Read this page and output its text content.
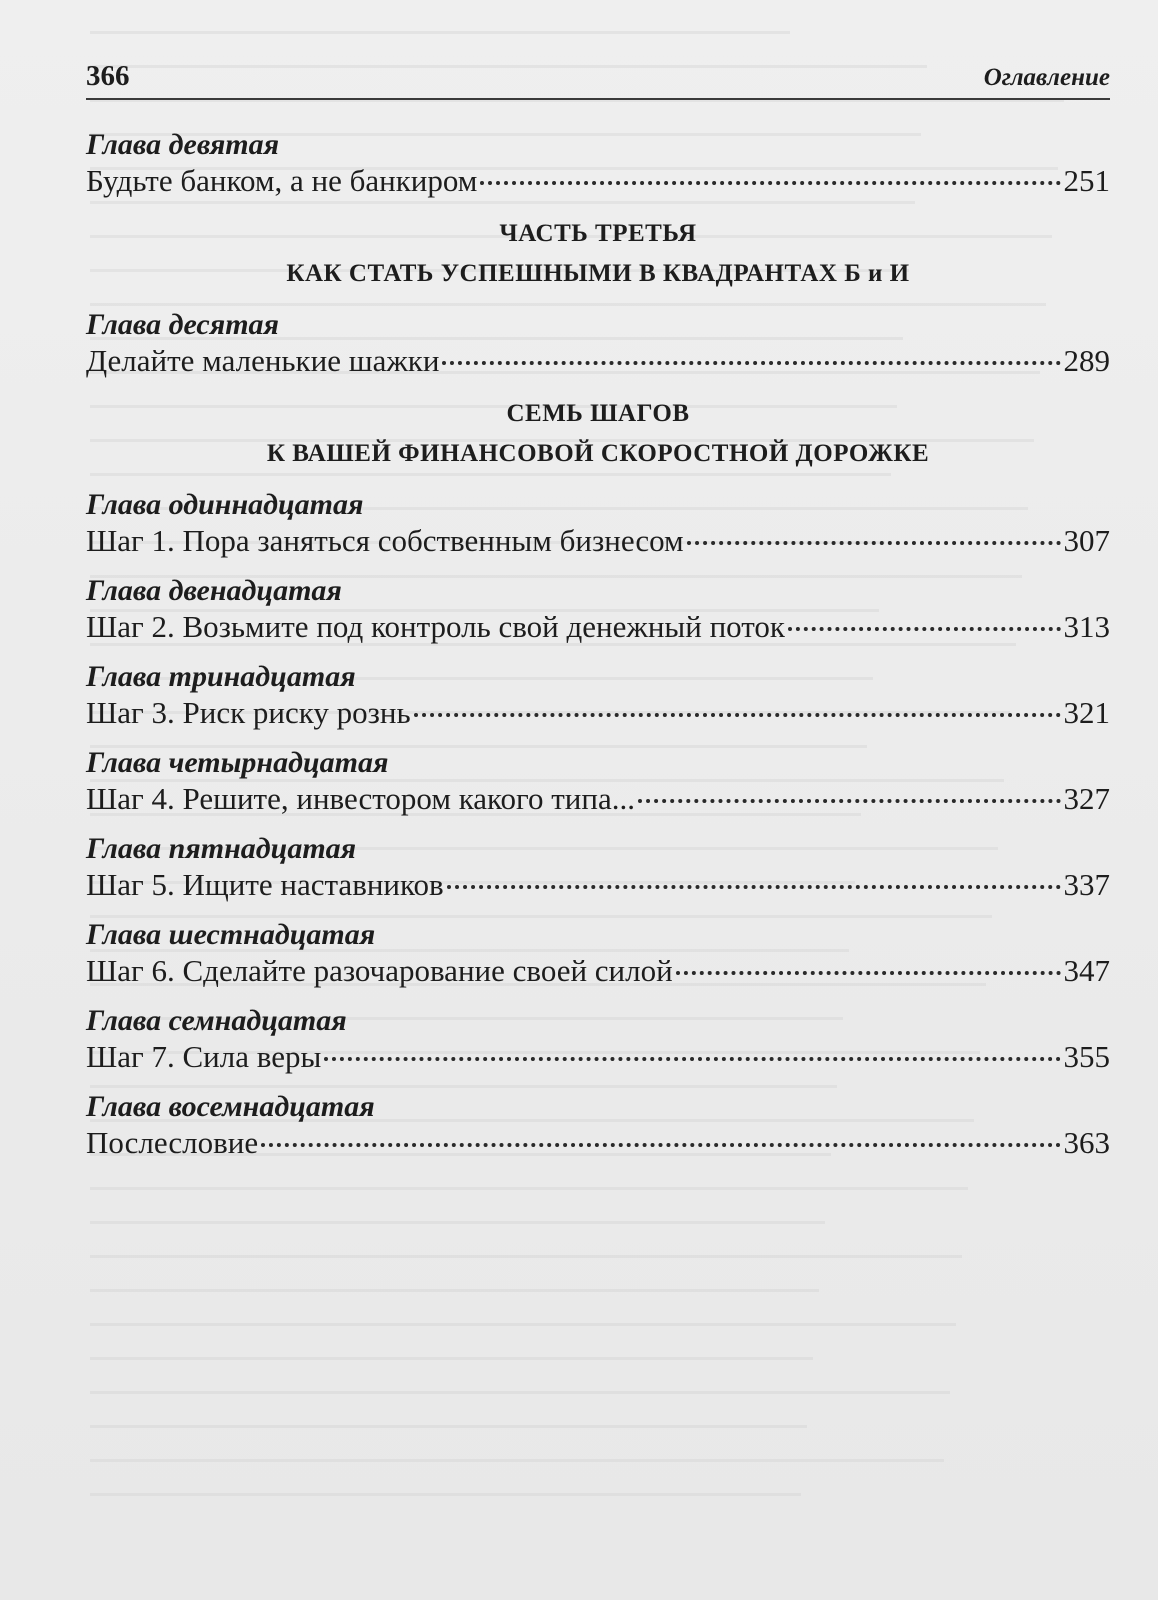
366	Оглавление
Глава девятая
Будьте банком, а не банкиром	251
ЧАСТЬ ТРЕТЬЯ
КАК СТАТЬ УСПЕШНЫМИ В КВАДРАНТАХ Б и И
Глава десятая
Делайте маленькие шажки	289
СЕМЬ ШАГОВ
К ВАШЕЙ ФИНАНСОВОЙ СКОРОСТНОЙ ДОРОЖКЕ
Глава одиннадцатая
Шаг 1. Пора заняться собственным бизнесом	307
Глава двенадцатая
Шаг 2. Возьмите под контроль свой денежный поток	313
Глава тринадцатая
Шаг 3. Риск риску рознь	321
Глава четырнадцатая
Шаг 4. Решите, инвестором какого типа...	327
Глава пятнадцатая
Шаг 5. Ищите наставников	337
Глава шестнадцатая
Шаг 6. Сделайте разочарование своей силой	347
Глава семнадцатая
Шаг 7. Сила веры	355
Глава восемнадцатая
Послесловие	363
